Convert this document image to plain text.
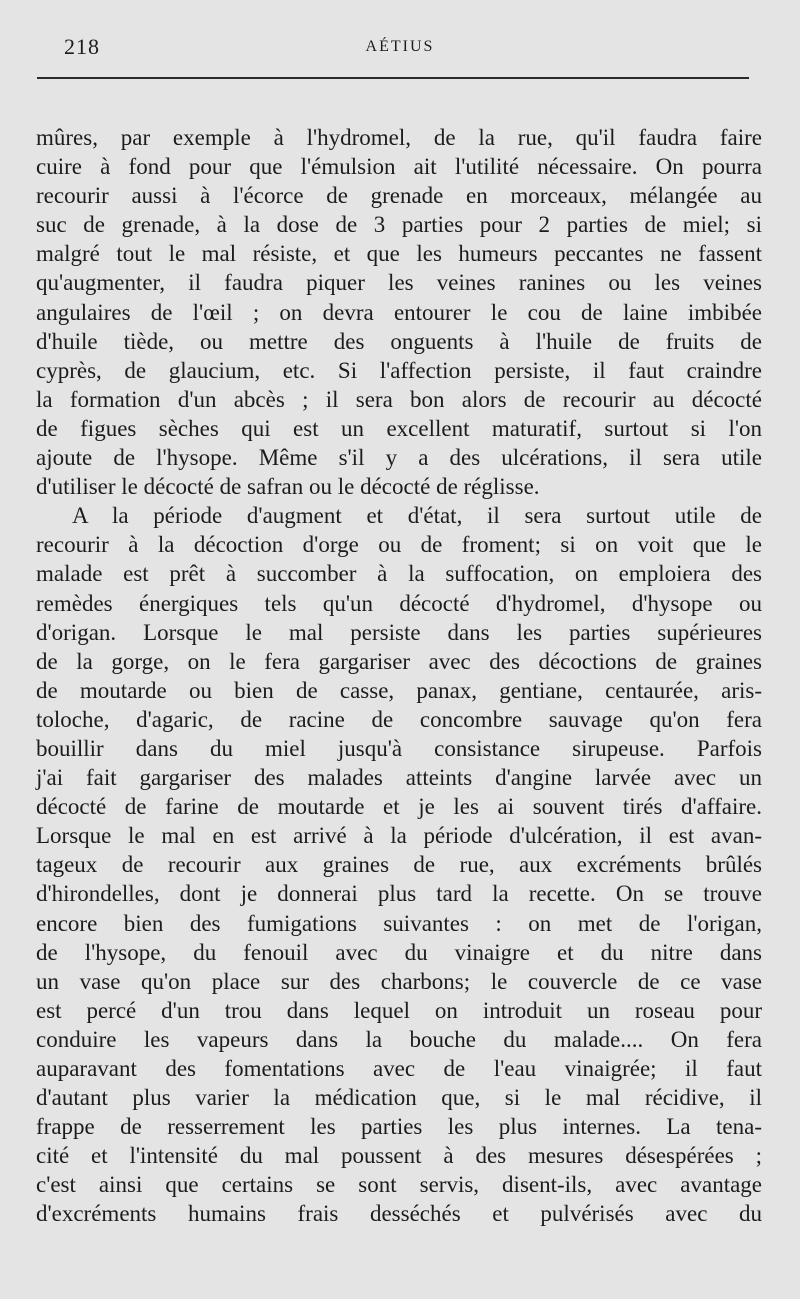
218	AÉTIUS
mûres, par exemple à l'hydromel, de la rue, qu'il faudra faire
cuire à fond pour que l'émulsion ait l'utilité nécessaire. On pourra
recourir aussi à l'écorce de grenade en morceaux, mélangée au
suc de grenade, à la dose de 3 parties pour 2 parties de miel; si
malgré tout le mal résiste, et que les humeurs peccantes ne fassent
qu'augmenter, il faudra piquer les veines ranines ou les veines
angulaires de l'œil ; on devra entourer le cou de laine imbibée
d'huile tiède, ou mettre des onguents à l'huile de fruits de
cyprès, de glaucium, etc. Si l'affection persiste, il faut craindre
la formation d'un abcès ; il sera bon alors de recourir au décocté
de figues sèches qui est un excellent maturatif, surtout si l'on
ajoute de l'hysope. Même s'il y a des ulcérations, il sera utile
d'utiliser le décocté de safran ou le décocté de réglisse.
A la période d'augment et d'état, il sera surtout utile de
recourir à la décoction d'orge ou de froment; si on voit que le
malade est prêt à succomber à la suffocation, on emploiera des
remèdes énergiques tels qu'un décocté d'hydromel, d'hysope ou
d'origan. Lorsque le mal persiste dans les parties supérieures
de la gorge, on le fera gargariser avec des décoctions de graines
de moutarde ou bien de casse, panax, gentiane, centaurée, aris-
toloche, d'agaric, de racine de concombre sauvage qu'on fera
bouillir dans du miel jusqu'à consistance sirupeuse. Parfois
j'ai fait gargariser des malades atteints d'angine larvée avec un
décocté de farine de moutarde et je les ai souvent tirés d'affaire.
Lorsque le mal en est arrivé à la période d'ulcération, il est avan-
tageux de recourir aux graines de rue, aux excréments brûlés
d'hirondelles, dont je donnerai plus tard la recette. On se trouve
encore bien des fumigations suivantes : on met de l'origan,
de l'hysope, du fenouil avec du vinaigre et du nitre dans
un vase qu'on place sur des charbons; le couvercle de ce vase
est percé d'un trou dans lequel on introduit un roseau pour
conduire les vapeurs dans la bouche du malade.... On fera
auparavant des fomentations avec de l'eau vinaigrée; il faut
d'autant plus varier la médication que, si le mal récidive, il
frappe de resserrement les parties les plus internes. La tena-
cité et l'intensité du mal poussent à des mesures désespérées ;
c'est ainsi que certains se sont servis, disent-ils, avec avantage
d'excréments humains frais desséchés et pulvérisés avec du
